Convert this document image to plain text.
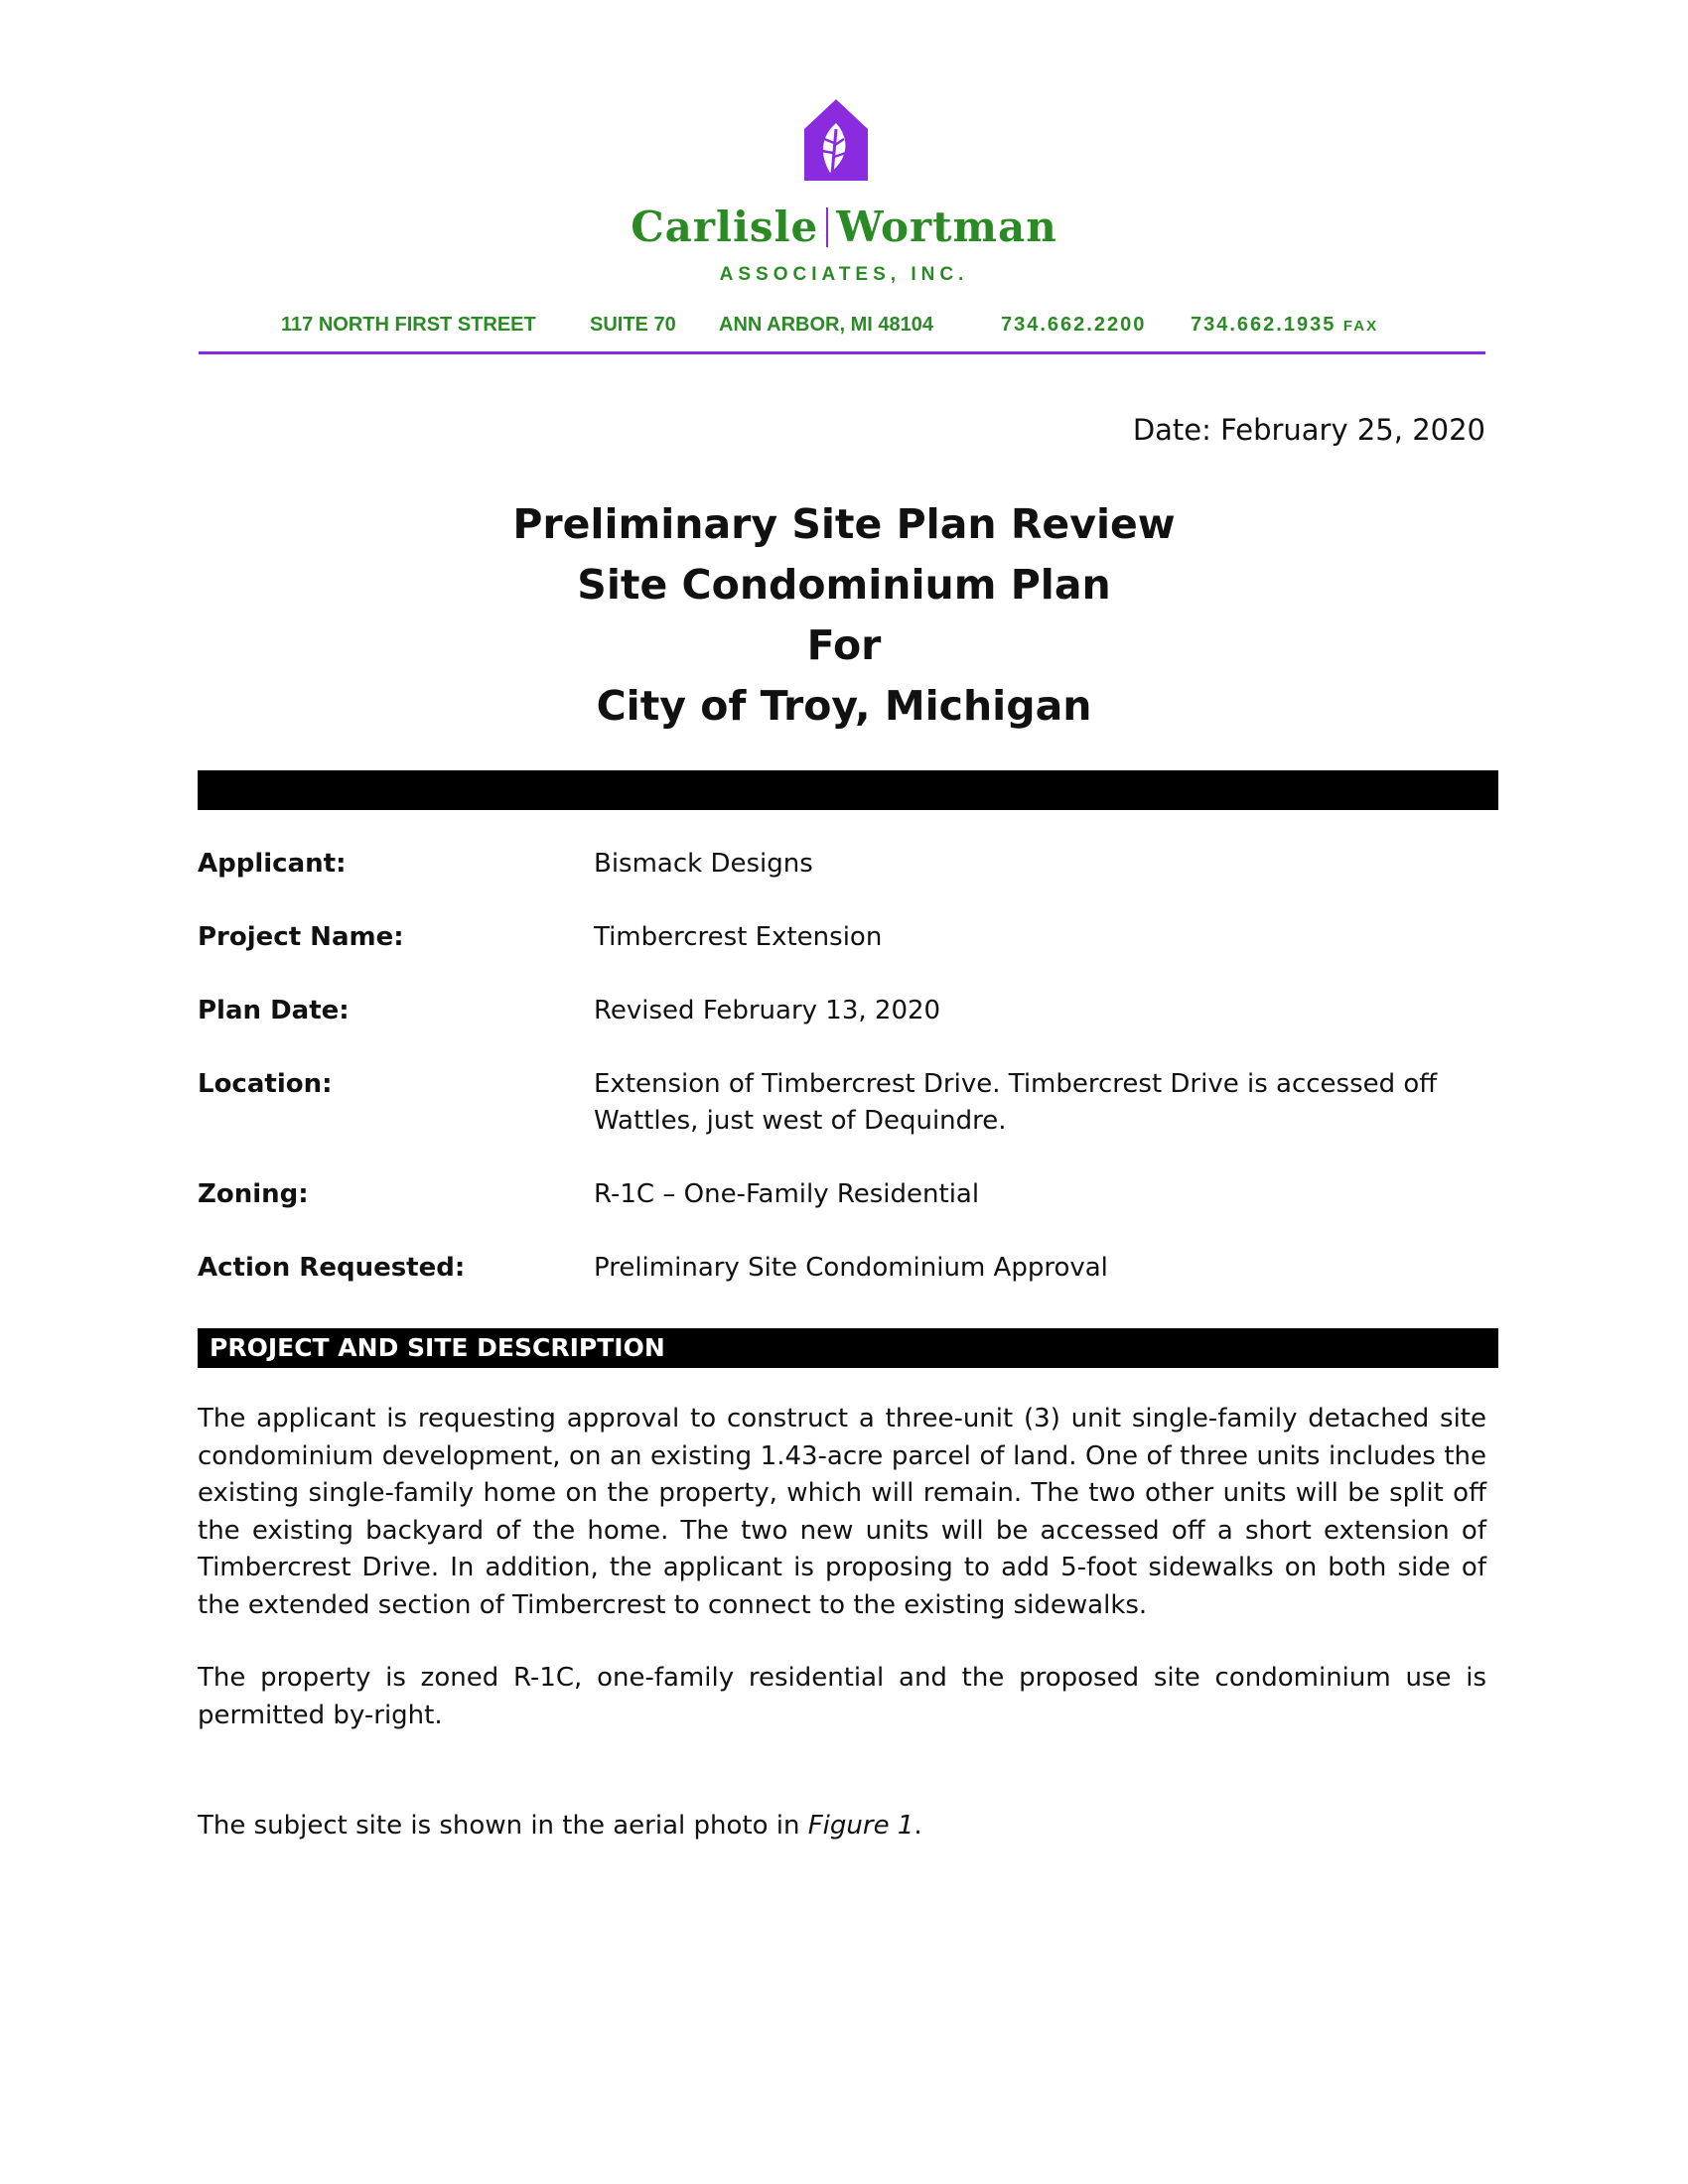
Carlisle Wortman
ASSOCIATES, INC.
117 NORTH FIRST STREET	SUITE 70 ANN ARBOR, MI 48104	734.662.2200 734.662.1935 FAX
Date: February 25, 2020
Preliminary Site Plan Review
Site Condominium Plan
For
City of Troy, Michigan
Applicant:	Bismack Designs
Project Name:	Timbercrest Extension
Plan Date:	Revised February 13, 2020
Location:	Extension of Timbercrest Drive. Timbercrest Drive is accessed off Wattles, just west of Dequindre.
Zoning:	R-1C – One-Family Residential
Action Requested:	Preliminary Site Condominium Approval
PROJECT AND SITE DESCRIPTION

The applicant is requesting approval to construct a three-unit (3) unit single-family detached site condominium development, on an existing 1.43-acre parcel of land. One of three units includes the existing single-family home on the property, which will remain. The two other units will be split off the existing backyard of the home. The two new units will be accessed off a short extension of Timbercrest Drive. In addition, the applicant is proposing to add 5-foot sidewalks on both side of the extended section of Timbercrest to connect to the existing sidewalks.

The property is zoned R-1C, one-family residential and the proposed site condominium use is permitted by-right.

The subject site is shown in the aerial photo in Figure 1.
